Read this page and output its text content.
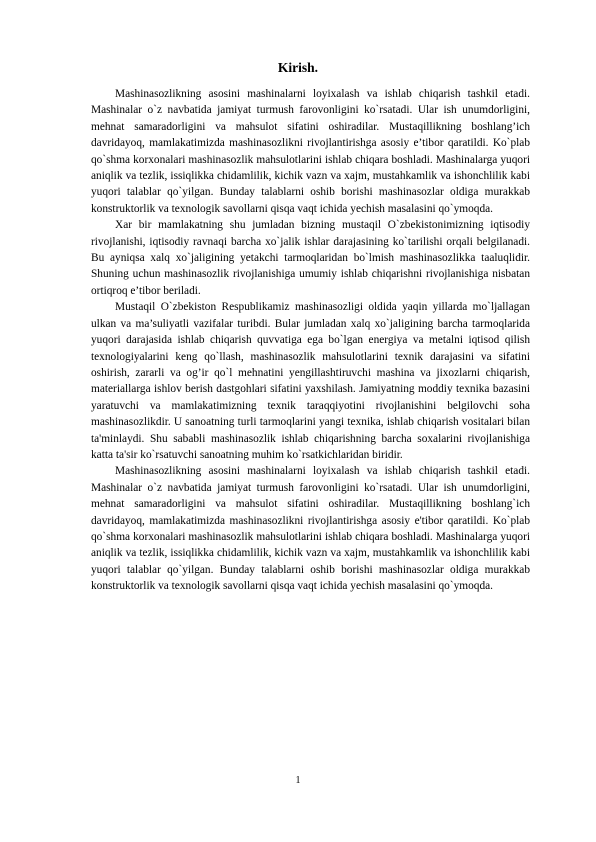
Kirish.

Mashinasozlikning asosini mashinalarni loyixalash va ishlab chiqarish tashkil etadi. Mashinalar o`z navbatida jamiyat turmush farovonligini ko`rsatadi. Ular ish unumdorligini, mehnat samaradorligini va mahsulot sifatini oshiradilar. Mustaqillikning boshlang’ich davridayoq, mamlakatimizda mashinasozlikni rivojlantirishga asosiy e’tibor qaratildi. Ko`plab qo`shma korxonalari mashinasozlik mahsulotlarini ishlab chiqara boshladi. Mashinalarga yuqori aniqlik va tezlik, issiqlikka chidamlilik, kichik vazn va xajm, mustahkamlik va ishonchlilik kabi yuqori talablar qo`yilgan. Bunday talablarni oshib borishi mashinasozlar oldiga murakkab konstruktorlik va texnologik savollarni qisqa vaqt ichida yechish masalasini qo`ymoqda.

Xar bir mamlakatning shu jumladan bizning mustaqil O`zbekistonimizning iqtisodiy rivojlanishi, iqtisodiy ravnaqi barcha xo`jalik ishlar darajasining ko`tarilishi orqali belgilanadi. Bu ayniqsa xalq xo`jaligining yetakchi tarmoqlaridan bo`lmish mashinasozlikka taaluqlidir. Shuning uchun mashinasozlik rivojlanishiga umumiy ishlab chiqarishni rivojlanishiga nisbatan ortiqroq e’tibor beriladi.

Mustaqil O`zbekiston Respublikamiz mashinasozligi oldida yaqin yillarda mo`ljallagan ulkan va ma’suliyatli vazifalar turibdi. Bular jumladan xalq xo`jaligining barcha tarmoqlarida yuqori darajasida ishlab chiqarish quvvatiga ega bo`lgan energiya va metalni iqtisod qilish texnologiyalarini keng qo`llash, mashinasozlik mahsulotlarini texnik darajasini va sifatini oshirish, zararli va og’ir qo`l mehnatini yengillashtiruvchi mashina va jixozlarni chiqarish, materiallarga ishlov berish dastgohlari sifatini yaxshilash. Jamiyatning moddiy texnika bazasini yaratuvchi va mamlakatimizning texnik taraqqiyotini rivojlanishini belgilovchi soha mashinasozlikdir. U sanoatning turli tarmoqlarini yangi texnika, ishlab chiqarish vositalari bilan ta'minlaydi. Shu sababli mashinasozlik ishlab chiqarishning barcha soxalarini rivojlanishiga katta ta'sir ko`rsatuvchi sanoatning muhim ko`rsatkichlaridan biridir.

Mashinasozlikning asosini mashinalarni loyixalash va ishlab chiqarish tashkil etadi. Mashinalar o`z navbatida jamiyat turmush farovonligini ko`rsatadi. Ular ish unumdorligini, mehnat samaradorligini va mahsulot sifatini oshiradilar. Mustaqillikning boshlang`ich davridayoq, mamlakatimizda mashinasozlikni rivojlantirishga asosiy e'tibor qaratildi. Ko`plab qo`shma korxonalari mashinasozlik mahsulotlarini ishlab chiqara boshladi. Mashinalarga yuqori aniqlik va tezlik, issiqlikka chidamlilik, kichik vazn va xajm, mustahkamlik va ishonchlilik kabi yuqori talablar qo`yilgan. Bunday talablarni oshib borishi mashinasozlar oldiga murakkab konstruktorlik va texnologik savollarni qisqa vaqt ichida yechish masalasini qo`ymoqda.

1
